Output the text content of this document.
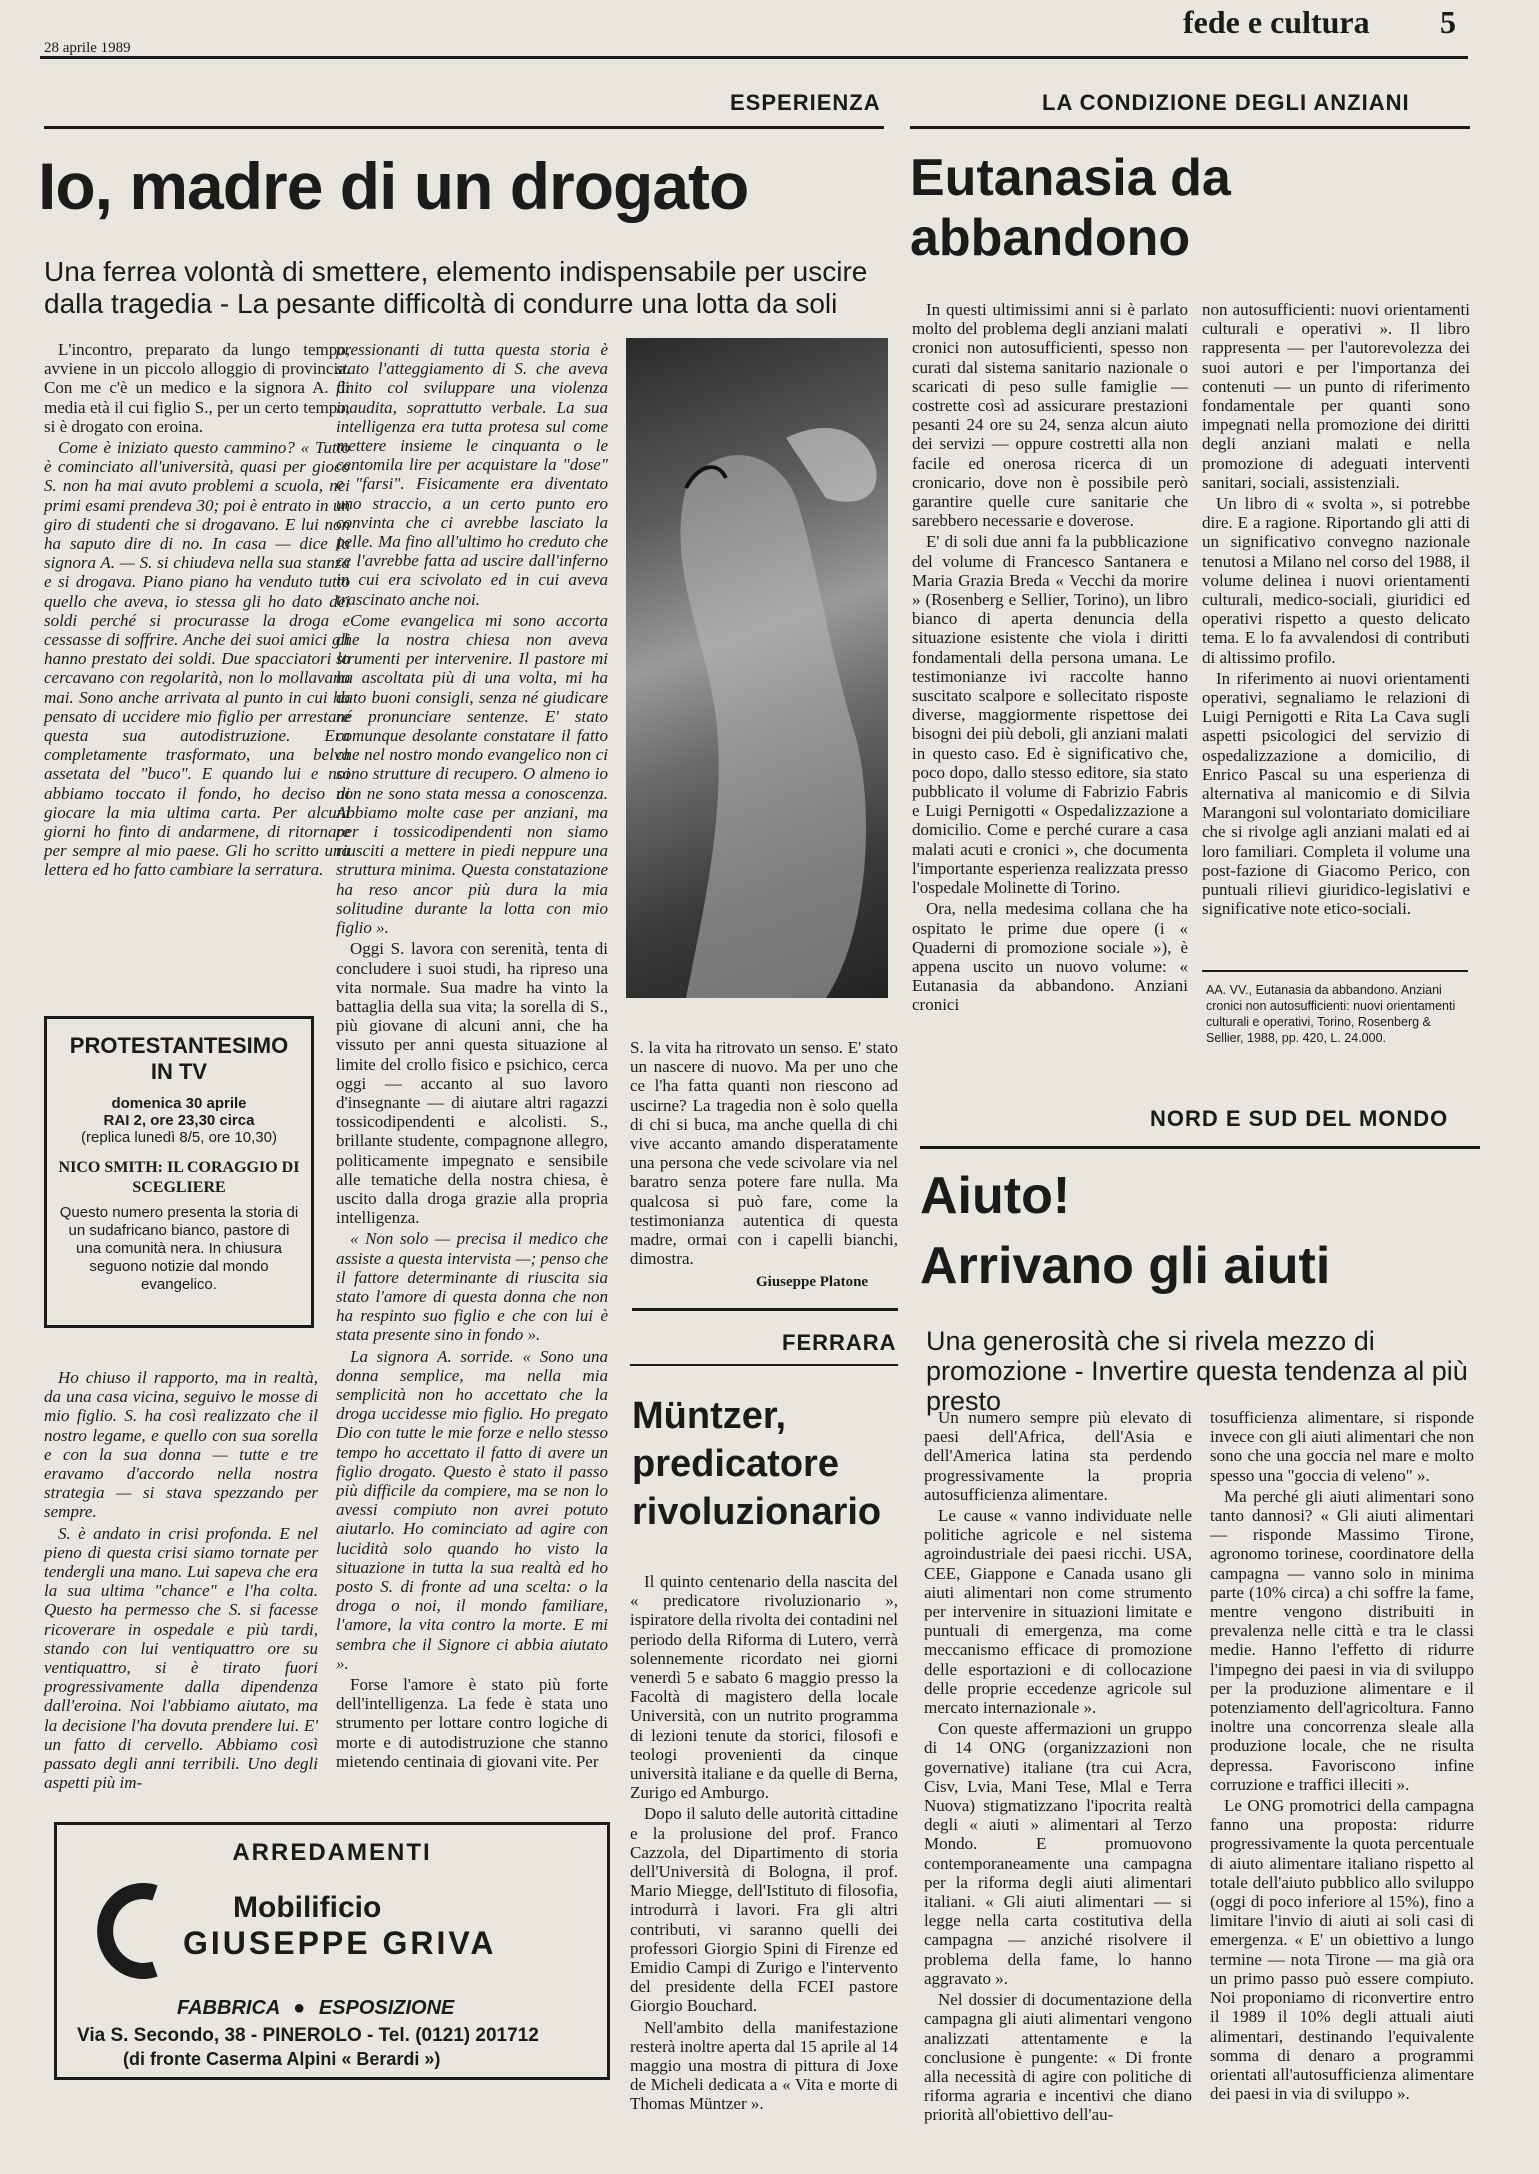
28 aprile 1989
fede e cultura 5
ESPERIENZA
Io, madre di un drogato
Una ferrea volontà di smettere, elemento indispensabile per uscire dalla tragedia - La pesante difficoltà di condurre una lotta da soli

L'incontro, preparato da lungo tempo, avviene in un piccolo alloggio di provincia. Con me c'è un medico e la signora A. di media età il cui figlio S., per un certo tempo, si è drogato con eroina.

Come è iniziato questo cammino? « Tutto è cominciato all'università, quasi per gioco S. non ha mai avuto problemi a scuola, nei primi esami prendeva 30; poi è entrato in un giro di studenti che si drogavano. E lui non ha saputo dire di no. In casa — dice la signora A. — S. si chiudeva nella sua stanza e si drogava. Piano piano ha venduto tutto quello che aveva, io stessa gli ho dato dei soldi perché si procurasse la droga e cessasse di soffrire. Anche dei suoi amici gli hanno prestato dei soldi. Due spacciatori lo cercavano con regolarità, non lo mollavano mai. Sono anche arrivata al punto in cui ho pensato di uccidere mio figlio per arrestare questa sua autodistruzione. Era completamente trasformato, una belva assetata del "buco". E quando lui e noi abbiamo toccato il fondo, ho deciso di giocare la mia ultima carta. Per alcuni giorni ho finto di andarmene, di ritornare per sempre al mio paese. Gli ho scritto una lettera ed ho fatto cambiare la serratura.

pressionanti di tutta questa storia è stato l'atteggiamento di S. che aveva finito col sviluppare una violenza inaudita, soprattutto verbale. La sua intelligenza era tutta protesa sul come mettere insieme le cinquanta o le centomila lire per acquistare la "dose" e "farsi". Fisicamente era diventato uno straccio, a un certo punto ero convinta che ci avrebbe lasciato la pelle. Ma fino all'ultimo ho creduto che ce l'avrebbe fatta ad uscire dall'inferno in cui era scivolato ed in cui aveva trascinato anche noi.

Come evangelica mi sono accorta che la nostra chiesa non aveva strumenti per intervenire. Il pastore mi ha ascoltata più di una volta, mi ha dato buoni consigli, senza né giudicare né pronunciare sentenze. E' stato comunque desolante constatare il fatto che nel nostro mondo evangelico non ci sono strutture di recupero. O almeno io non ne sono stata messa a conoscenza. Abbiamo molte case per anziani, ma per i tossicodipendenti non siamo riusciti a mettere in piedi neppure una struttura minima. Questa constatazione ha reso ancor più dura la mia solitudine durante la lotta con mio figlio ».

Oggi S. lavora con serenità, tenta di concludere i suoi studi, ha ripreso una vita normale. Sua madre ha vinto la battaglia della sua vita; la sorella di S., più giovane di alcuni anni, che ha vissuto per anni questa situazione al limite del crollo fisico e psichico, cerca oggi — accanto al suo lavoro d'insegnante — di aiutare altri ragazzi tossicodipendenti e alcolisti. S., brillante studente, compagnone allegro, politicamente impegnato e sensibile alle tematiche della nostra chiesa, è uscito dalla droga grazie alla propria intelligenza.

« Non solo — precisa il medico che assiste a questa intervista —; penso che il fattore determinante di riuscita sia stato l'amore di questa donna che non ha respinto suo figlio e che con lui è stata presente sino in fondo ».

La signora A. sorride. « Sono una donna semplice, ma nella mia semplicità non ho accettato che la droga uccidesse mio figlio. Ho pregato Dio con tutte le mie forze e nello stesso tempo ho accettato il fatto di avere un figlio drogato. Questo è stato il passo più difficile da compiere, ma se non lo avessi compiuto non avrei potuto aiutarlo. Ho cominciato ad agire con lucidità solo quando ho visto la situazione in tutta la sua realtà ed ho posto S. di fronte ad una scelta: o la droga o noi, il mondo familiare, l'amore, la vita contro la morte. E mi sembra che il Signore ci abbia aiutato ».

Forse l'amore è stato più forte dell'intelligenza. La fede è stata uno strumento per lottare contro logiche di morte e di autodistruzione che stanno mietendo centinaia di giovani vite. Per

PROTESTANTESIMO IN TV
domenica 30 aprile
RAI 2, ore 23,30 circa
(replica lunedì 8/5, ore 10,30)
NICO SMITH: IL CORAGGIO DI SCEGLIERE
Questo numero presenta la storia di un sudafricano bianco, pastore di una comunità nera. In chiusura seguono notizie dal mondo evangelico.

Ho chiuso il rapporto, ma in realtà, da una casa vicina, seguivo le mosse di mio figlio. S. ha così realizzato che il nostro legame, e quello con sua sorella e con la sua donna — tutte e tre eravamo d'accordo nella nostra strategia — si stava spezzando per sempre.

S. è andato in crisi profonda. E nel pieno di questa crisi siamo tornate per tendergli una mano. Lui sapeva che era la sua ultima "chance" e l'ha colta. Questo ha permesso che S. si facesse ricoverare in ospedale e più tardi, stando con lui ventiquattro ore su ventiquattro, si è tirato fuori progressivamente dalla dipendenza dall'eroina. Noi l'abbiamo aiutato, ma la decisione l'ha dovuta prendere lui. E' un fatto di cervello. Abbiamo così passato degli anni terribili. Uno degli aspetti più im-

S. la vita ha ritrovato un senso. E' stato un nascere di nuovo. Ma per uno che ce l'ha fatta quanti non riescono ad uscirne? La tragedia non è solo quella di chi si buca, ma anche quella di chi vive accanto amando disperatamente una persona che vede scivolare via nel baratro senza potere fare nulla. Ma qualcosa si può fare, come la testimonianza autentica di questa madre, ormai con i capelli bianchi, dimostra.

Giuseppe Platone
ARREDAMENTI
Mobilificio
GIUSEPPE GRIVA
FABBRICA ● ESPOSIZIONE
Via S. Secondo, 38 - PINEROLO - Tel. (0121) 201712
(di fronte Caserma Alpini « Berardi »)
FERRARA
Müntzer, predicatore rivoluzionario

Il quinto centenario della nascita del « predicatore rivoluzionario », ispiratore della rivolta dei contadini nel periodo della Riforma di Lutero, verrà solennemente ricordato nei giorni venerdì 5 e sabato 6 maggio presso la Facoltà di magistero della locale Università, con un nutrito programma di lezioni tenute da storici, filosofi e teologi provenienti da cinque università italiane e da quelle di Berna, Zurigo ed Amburgo.

Dopo il saluto delle autorità cittadine e la prolusione del prof. Franco Cazzola, del Dipartimento di storia dell'Università di Bologna, il prof. Mario Miegge, dell'Istituto di filosofia, introdurrà i lavori. Fra gli altri contributi, vi saranno quelli dei professori Giorgio Spini di Firenze ed Emidio Campi di Zurigo e l'intervento del presidente della FCEI pastore Giorgio Bouchard.

Nell'ambito della manifestazione resterà inoltre aperta dal 15 aprile al 14 maggio una mostra di pittura di Joxe de Micheli dedicata a « Vita e morte di Thomas Müntzer ».

LA CONDIZIONE DEGLI ANZIANI
Eutanasia da abbandono

In questi ultimissimi anni si è parlato molto del problema degli anziani malati cronici non autosufficienti, spesso non curati dal sistema sanitario nazionale o scaricati di peso sulle famiglie — costrette così ad assicurare prestazioni pesanti 24 ore su 24, senza alcun aiuto dei servizi — oppure costretti alla non facile ed onerosa ricerca di un cronicario, dove non è possibile però garantire quelle cure sanitarie che sarebbero necessarie e doverose.

E' di soli due anni fa la pubblicazione del volume di Francesco Santanera e Maria Grazia Breda « Vecchi da morire » (Rosenberg e Sellier, Torino), un libro bianco di aperta denuncia della situazione esistente che viola i diritti fondamentali della persona umana. Le testimonianze ivi raccolte hanno suscitato scalpore e sollecitato risposte diverse, maggiormente rispettose dei bisogni dei più deboli, gli anziani malati in questo caso. Ed è significativo che, poco dopo, dallo stesso editore, sia stato pubblicato il volume di Fabrizio Fabris e Luigi Pernigotti « Ospedalizzazione a domicilio. Come e perché curare a casa malati acuti e cronici », che documenta l'importante esperienza realizzata presso l'ospedale Molinette di Torino.

Ora, nella medesima collana che ha ospitato le prime due opere (i « Quaderni di promozione sociale »), è appena uscito un nuovo volume: « Eutanasia da abbandono. Anziani cronici

non autosufficienti: nuovi orientamenti culturali e operativi ». Il libro rappresenta — per l'autorevolezza dei suoi autori e per l'importanza dei contenuti — un punto di riferimento fondamentale per quanti sono impegnati nella promozione dei diritti degli anziani malati e nella promozione di adeguati interventi sanitari, sociali, assistenziali.

Un libro di « svolta », si potrebbe dire. E a ragione. Riportando gli atti di un significativo convegno nazionale tenutosi a Milano nel corso del 1988, il volume delinea i nuovi orientamenti culturali, medico-sociali, giuridici ed operativi rispetto a questo delicato tema. E lo fa avvalendosi di contributi di altissimo profilo.

In riferimento ai nuovi orientamenti operativi, segnaliamo le relazioni di Luigi Pernigotti e Rita La Cava sugli aspetti psicologici del servizio di ospedalizzazione a domicilio, di Enrico Pascal su una esperienza di alternativa al manicomio e di Silvia Marangoni sul volontariato domiciliare che si rivolge agli anziani malati ed ai loro familiari. Completa il volume una post-fazione di Giacomo Perico, con puntuali rilievi giuridico-legislativi e significative note etico-sociali.

AA. VV., Eutanasia da abbandono. Anziani cronici non autosufficienti: nuovi orientamenti culturali e operativi, Torino, Rosenberg & Sellier, 1988, pp. 420, L. 24.000.
NORD E SUD DEL MONDO
Aiuto!
Arrivano gli aiuti
Una generosità che si rivela mezzo di promozione - Invertire questa tendenza al più presto

Un numero sempre più elevato di paesi dell'Africa, dell'Asia e dell'America latina sta perdendo progressivamente la propria autosufficienza alimentare.

Le cause « vanno individuate nelle politiche agricole e nel sistema agroindustriale dei paesi ricchi. USA, CEE, Giappone e Canada usano gli aiuti alimentari non come strumento per intervenire in situazioni limitate e puntuali di emergenza, ma come meccanismo efficace di promozione delle esportazioni e di collocazione delle proprie eccedenze agricole sul mercato internazionale ».

Con queste affermazioni un gruppo di 14 ONG (organizzazioni non governative) italiane (tra cui Acra, Cisv, Lvia, Mani Tese, Mlal e Terra Nuova) stigmatizzano l'ipocrita realtà degli « aiuti » alimentari al Terzo Mondo. E promuovono contemporaneamente una campagna per la riforma degli aiuti alimentari italiani. « Gli aiuti alimentari — si legge nella carta costitutiva della campagna — anziché risolvere il problema della fame, lo hanno aggravato ».

Nel dossier di documentazione della campagna gli aiuti alimentari vengono analizzati attentamente e la conclusione è pungente: « Di fronte alla necessità di agire con politiche di riforma agraria e incentivi che diano priorità all'obiettivo dell'au-

tosufficienza alimentare, si risponde invece con gli aiuti alimentari che non sono che una goccia nel mare e molto spesso una "goccia di veleno" ».

Ma perché gli aiuti alimentari sono tanto dannosi? « Gli aiuti alimentari — risponde Massimo Tirone, agronomo torinese, coordinatore della campagna — vanno solo in minima parte (10% circa) a chi soffre la fame, mentre vengono distribuiti in prevalenza nelle città e tra le classi medie. Hanno l'effetto di ridurre l'impegno dei paesi in via di sviluppo per la produzione alimentare e il potenziamento dell'agricoltura. Fanno inoltre una concorrenza sleale alla produzione locale, che ne risulta depressa. Favoriscono infine corruzione e traffici illeciti ».

Le ONG promotrici della campagna fanno una proposta: ridurre progressivamente la quota percentuale di aiuto alimentare italiano rispetto al totale dell'aiuto pubblico allo sviluppo (oggi di poco inferiore al 15%), fino a limitare l'invio di aiuti ai soli casi di emergenza. « E' un obiettivo a lungo termine — nota Tirone — ma già ora un primo passo può essere compiuto. Noi proponiamo di riconvertire entro il 1989 il 10% degli attuali aiuti alimentari, destinando l'equivalente somma di denaro a programmi orientati all'autosufficienza alimentare dei paesi in via di sviluppo ».
